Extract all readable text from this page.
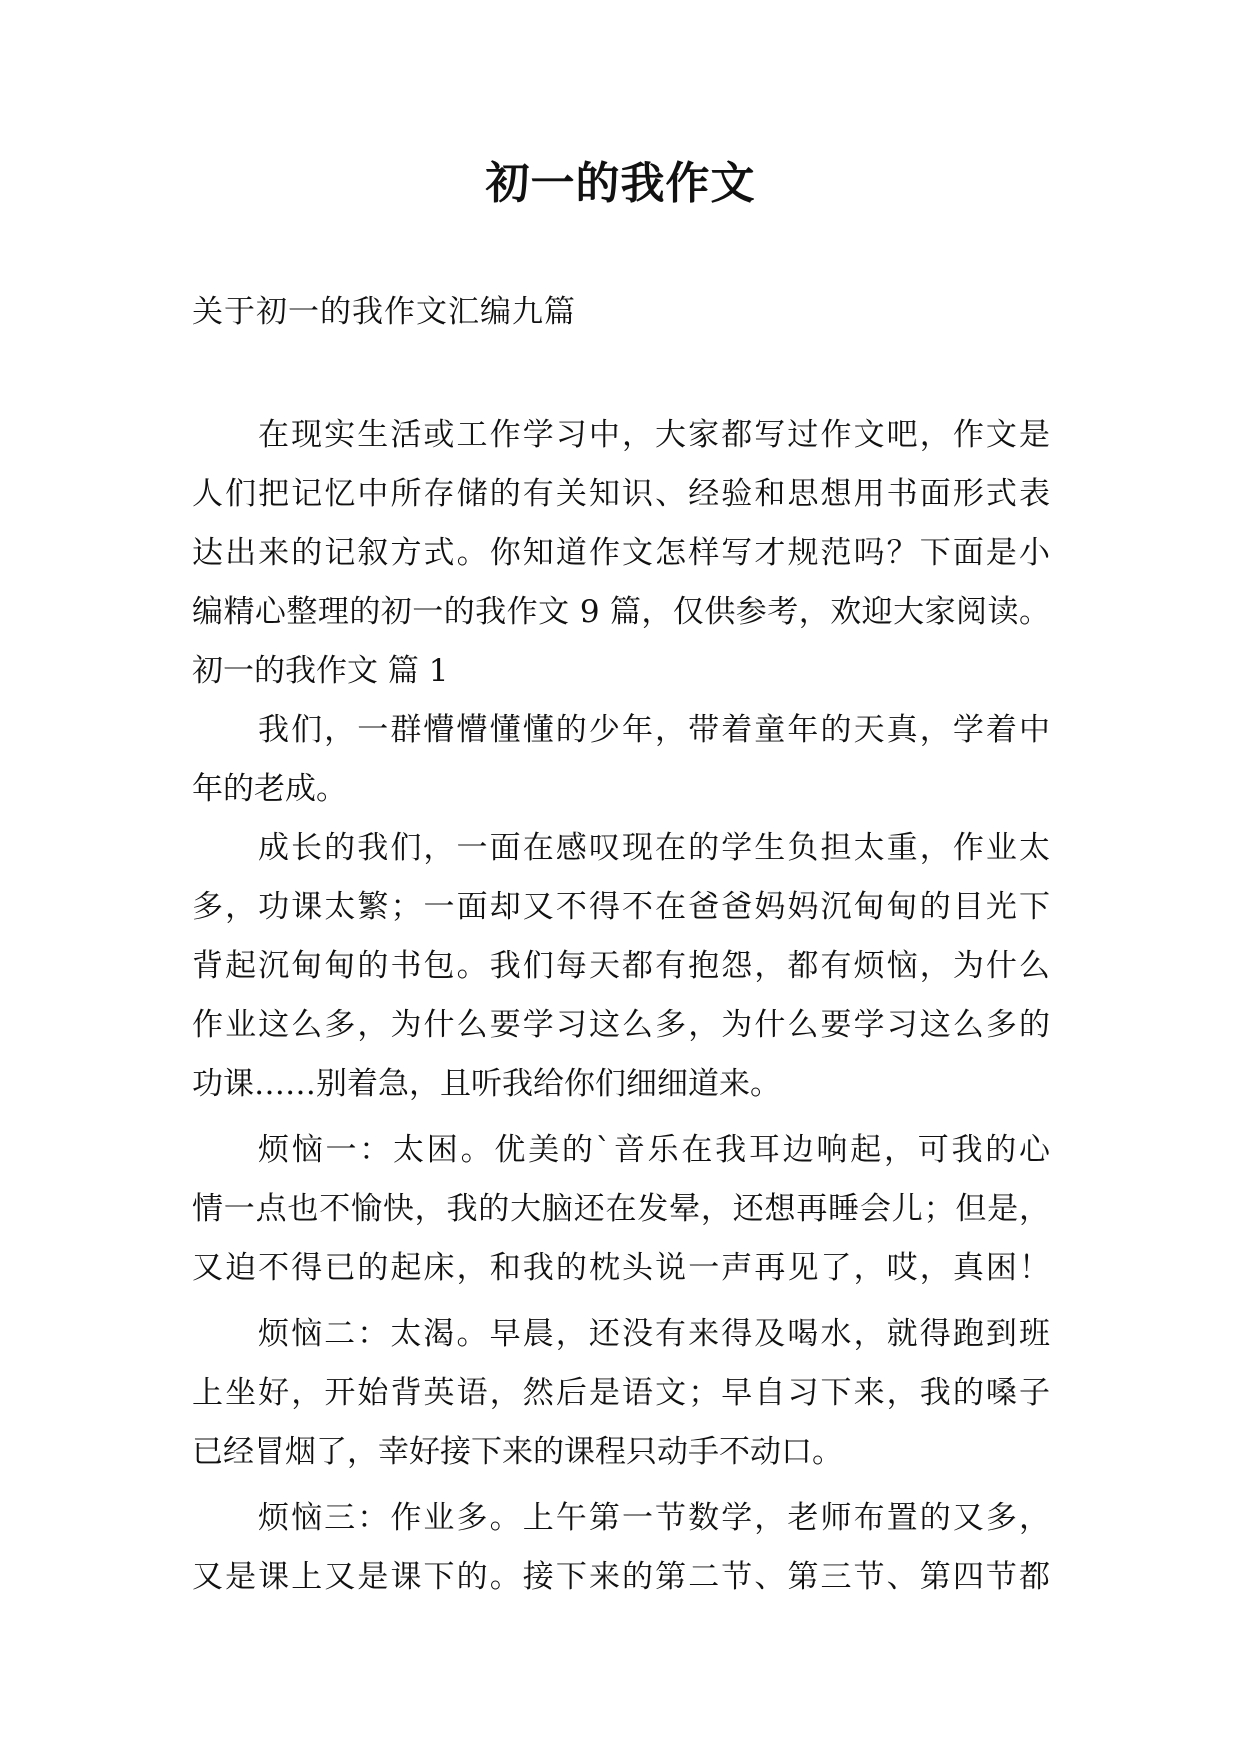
初一的我作文
关于初一的我作文汇编九篇
在现实生活或工作学习中，大家都写过作文吧，作文是
人们把记忆中所存储的有关知识、经验和思想用书面形式表
达出来的记叙方式。你知道作文怎样写才规范吗？下面是小
编精心整理的初一的我作文 9 篇，仅供参考，欢迎大家阅读。
初一的我作文 篇 1
我们，一群懵懵懂懂的少年，带着童年的天真，学着中
年的老成。
成长的我们，一面在感叹现在的学生负担太重，作业太
多，功课太繁；一面却又不得不在爸爸妈妈沉甸甸的目光下
背起沉甸甸的书包。我们每天都有抱怨，都有烦恼，为什么
作业这么多，为什么要学习这么多，为什么要学习这么多的
功课……别着急，且听我给你们细细道来。
烦恼一：太困。优美的`音乐在我耳边响起，可我的心
情一点也不愉快，我的大脑还在发晕，还想再睡会儿；但是，
又迫不得已的起床，和我的枕头说一声再见了，哎，真困！
烦恼二：太渴。早晨，还没有来得及喝水，就得跑到班
上坐好，开始背英语，然后是语文；早自习下来，我的嗓子
已经冒烟了，幸好接下来的课程只动手不动口。
烦恼三：作业多。上午第一节数学，老师布置的又多，
又是课上又是课下的。接下来的第二节、第三节、第四节都
